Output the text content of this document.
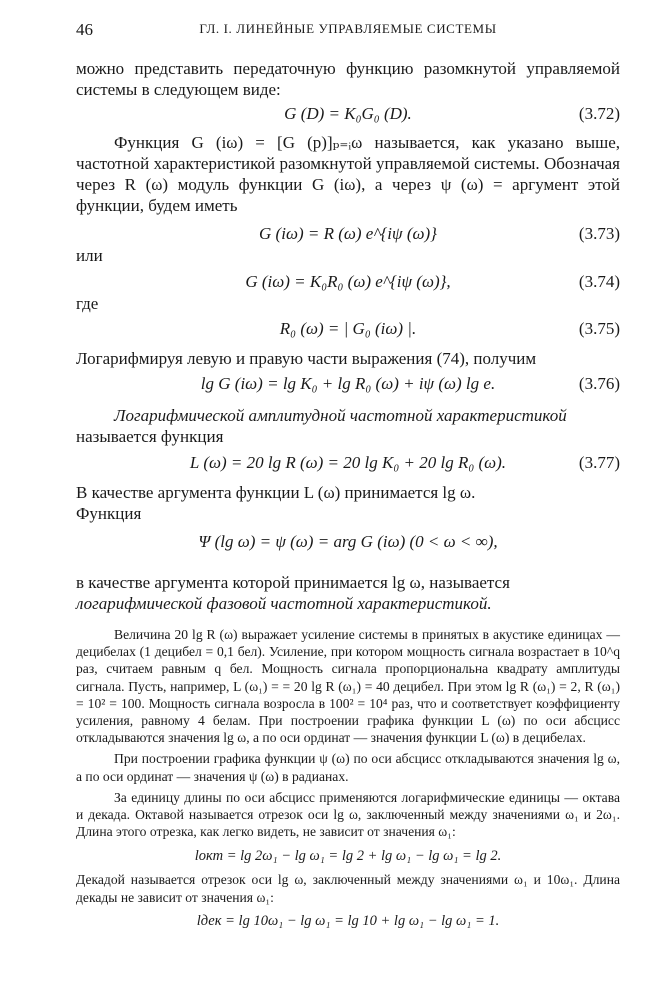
46	ГЛ. I. ЛИНЕЙНЫЕ УПРАВЛЯЕМЫЕ СИСТЕМЫ

можно представить передаточную функцию разомкнутой управляемой системы в следующем виде:

G (D) = K₀G₀ (D).	(3.72)

Функция G (iω) = [G (p)]ₚ₌ᵢω называется, как указано выше, частотной характеристикой разомкнутой управляемой системы. Обозначая через R (ω) модуль функции G (iω), а через ψ (ω) = аргумент этой функции, будем иметь

G (iω) = R (ω) e^{iψ (ω)}	(3.73)

или

G (iω) = K₀R₀ (ω) e^{iψ (ω)},	(3.74)

где

R₀ (ω) = | G₀ (iω) |.	(3.75)

Логарифмируя левую и правую части выражения (74), получим

lg G (iω) = lg K₀ + lg R₀ (ω) + iψ (ω) lg e.	(3.76)

Логарифмической амплитудной частотной характеристикой
называется функция

L (ω) = 20 lg R (ω) = 20 lg K₀ + 20 lg R₀ (ω).	(3.77)

В качестве аргумента функции L (ω) принимается lg ω.

Функция

Ψ (lg ω) = ψ (ω) = arg G (iω) (0 < ω < ∞),

в качестве аргумента которой принимается lg ω, называется
логарифмической фазовой частотной характеристикой.

Величина 20 lg R (ω) выражает усиление системы в принятых в акустике единицах — децибелах (1 децибел = 0,1 бел). Усиление, при котором мощность сигнала возрастает в 10^q раз, считаем равным q бел. Мощность сигнала пропорциональна квадрату амплитуды сигнала. Пусть, например, L (ω₁) = = 20 lg R (ω₁) = 40 децибел. При этом lg R (ω₁) = 2, R (ω₁) = 10² = 100. Мощность сигнала возросла в 100² = 10⁴ раз, что и соответствует коэффициенту усиления, равному 4 белам. При построении графика функции L (ω) по оси абсцисс откладываются значения lg ω, а по оси ординат — значения функции L (ω) в децибелах.

При построении графика функции ψ (ω) по оси абсцисс откладываются значения lg ω, а по оси ординат — значения ψ (ω) в радианах.

За единицу длины по оси абсцисс применяются логарифмические единицы — октава и декада. Октавой называется отрезок оси lg ω, заключенный между значениями ω₁ и 2ω₁. Длина этого отрезка, как легко видеть, не зависит от значения ω₁:

lокт = lg 2ω₁ − lg ω₁ = lg 2 + lg ω₁ − lg ω₁ = lg 2.

Декадой называется отрезок оси lg ω, заключенный между значениями ω₁ и 10ω₁. Длина декады не зависит от значения ω₁:

lдек = lg 10ω₁ − lg ω₁ = lg 10 + lg ω₁ − lg ω₁ = 1.
